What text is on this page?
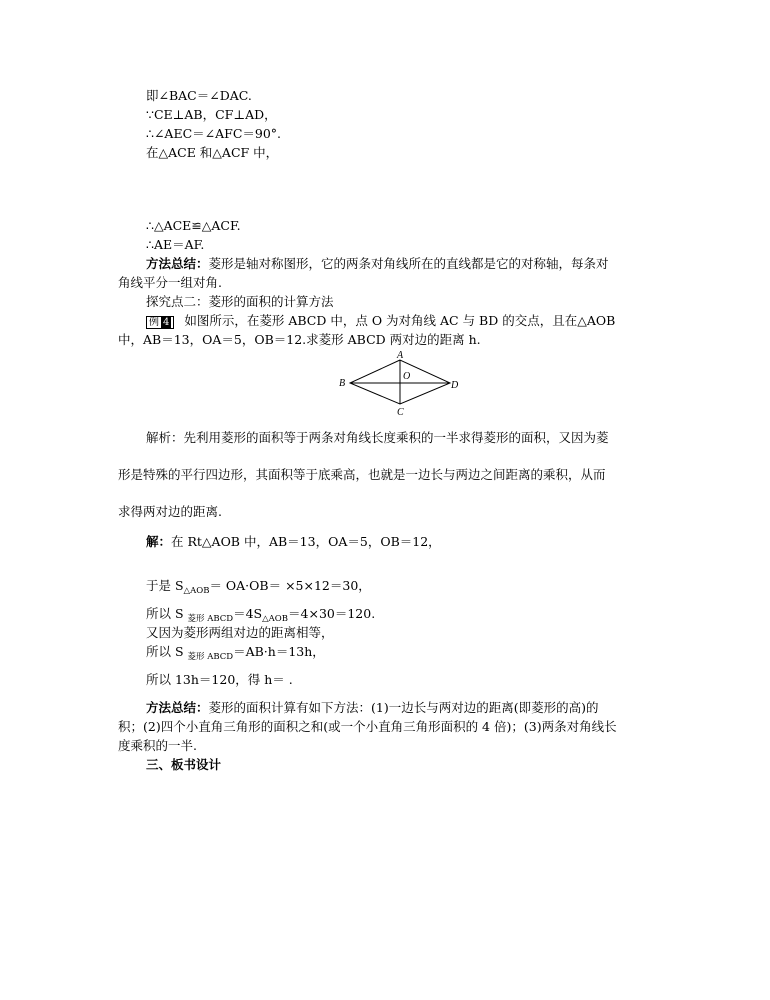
即∠BAC＝∠DAC.
∵CE⊥AB，CF⊥AD，
∴∠AEC＝∠AFC＝90°.
在△ACE 和△ACF 中，
∴△ACE≌△ACF.
∴AE＝AF.
方法总结：菱形是轴对称图形，它的两条对角线所在的直线都是它的对称轴，每条对
角线平分一组对角.
探究点二：菱形的面积的计算方法
例 4 如图所示，在菱形 ABCD 中，点 O 为对角线 AC 与 BD 的交点，且在△AOB
中，AB＝13，OA＝5，OB＝12.求菱形 ABCD 两对边的距离 h.
A
B
C
D
O
解析：先利用菱形的面积等于两条对角线长度乘积的一半求得菱形的面积，又因为菱
形是特殊的平行四边形，其面积等于底乘高，也就是一边长与两边之间距离的乘积，从而
求得两对边的距离.
解：在 Rt△AOB 中，AB＝13，OA＝5，OB＝12，
于是 $S_{\triangle AOB}= OA\cdot OB= \times 5\times 12=30$，
所以 S $_{菱形 ABCD}=4S_{\triangle AOB}=4\times 30=120$.
又因为菱形两组对边的距离相等，
所以 S $_{菱形 ABCD}$＝AB·h＝13h，
所以 13h＝120，得 h＝ .
方法总结：菱形的面积计算有如下方法：(1)一边长与两对边的距离(即菱形的高)的
积；(2)四个小直角三角形的面积之和(或一个小直角三角形面积的 4 倍)；(3)两条对角线长
度乘积的一半.
三、板书设计
